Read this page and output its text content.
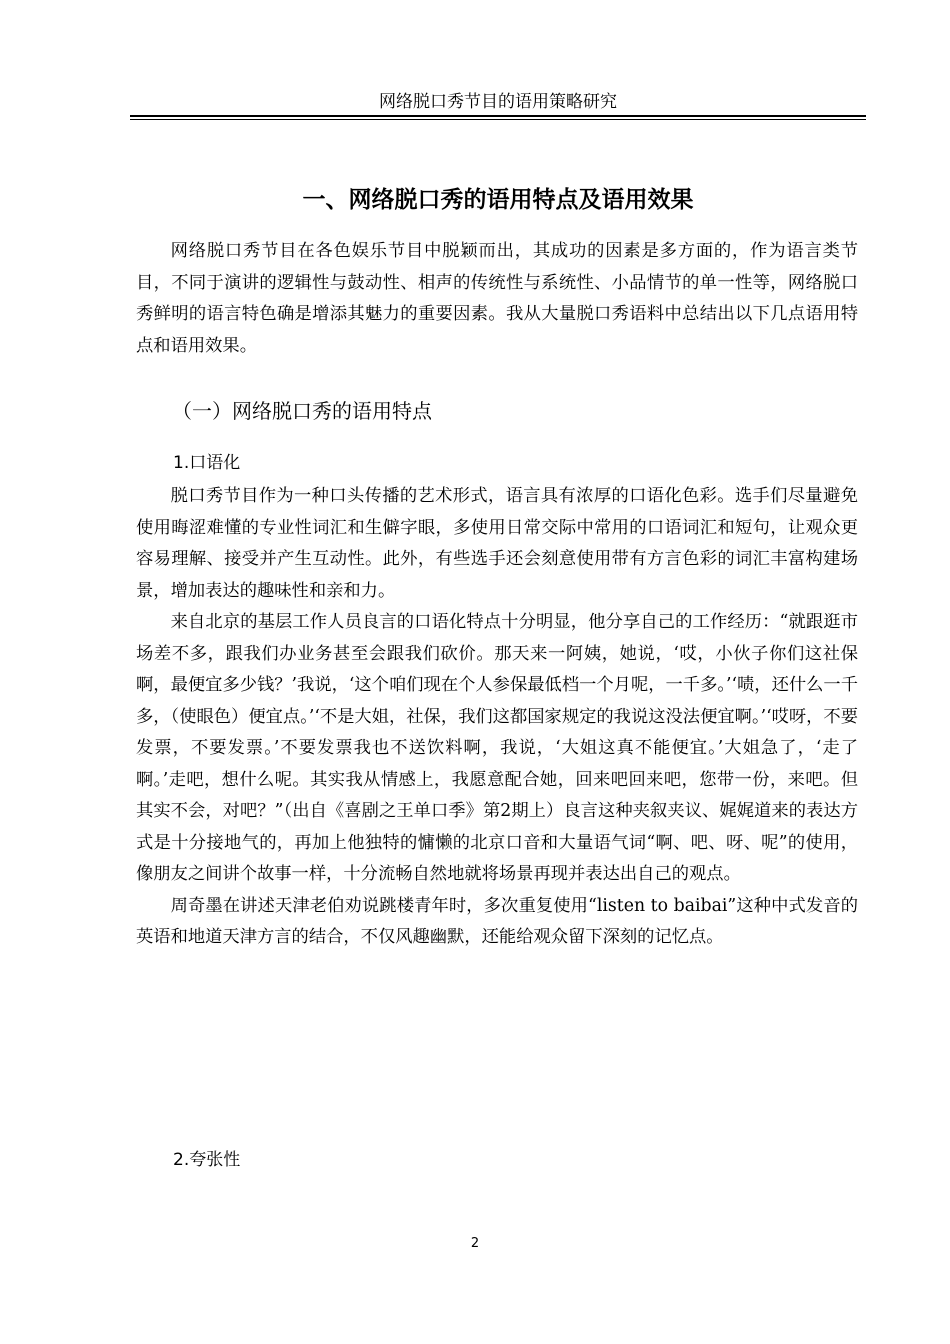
网络脱口秀节目的语用策略研究
一、网络脱口秀的语用特点及语用效果

网络脱口秀节目在各色娱乐节目中脱颖而出，其成功的因素是多方面的，作为语言类节目，不同于演讲的逻辑性与鼓动性、相声的传统性与系统性、小品情节的单一性等，网络脱口秀鲜明的语言特色确是增添其魅力的重要因素。我从大量脱口秀语料中总结出以下几点语用特点和语用效果。

（一）网络脱口秀的语用特点
1.口语化

脱口秀节目作为一种口头传播的艺术形式，语言具有浓厚的口语化色彩。选手们尽量避免使用晦涩难懂的专业性词汇和生僻字眼，多使用日常交际中常用的口语词汇和短句，让观众更容易理解、接受并产生互动性。此外，有些选手还会刻意使用带有方言色彩的词汇丰富构建场景，增加表达的趣味性和亲和力。

来自北京的基层工作人员良言的口语化特点十分明显，他分享自己的工作经历：“就跟逛市场差不多，跟我们办业务甚至会跟我们砍价。那天来一阿姨，她说，‘哎，小伙子你们这社保啊，最便宜多少钱？’我说，‘这个咱们现在个人参保最低档一个月呢，一千多。’‘啧，还什么一千多，（使眼色）便宜点。’‘不是大姐，社保，我们这都国家规定的我说这没法便宜啊。’‘哎呀，不要发票，不要发票。’不要发票我也不送饮料啊，我说，‘大姐这真不能便宜。’大姐急了，‘走了啊。’走吧，想什么呢。其实我从情感上，我愿意配合她，回来吧回来吧，您带一份，来吧。但其实不会，对吧？”（出自《喜剧之王单口季》第2期上）良言这种夹叙夹议、娓娓道来的表达方式是十分接地气的，再加上他独特的慵懒的北京口音和大量语气词“啊、吧、呀、呢”的使用，像朋友之间讲个故事一样，十分流畅自然地就将场景再现并表达出自己的观点。

周奇墨在讲述天津老伯劝说跳楼青年时，多次重复使用“listen to baibai”这种中式发音的英语和地道天津方言的结合，不仅风趣幽默，还能给观众留下深刻的记忆点。

2.夸张性
2
